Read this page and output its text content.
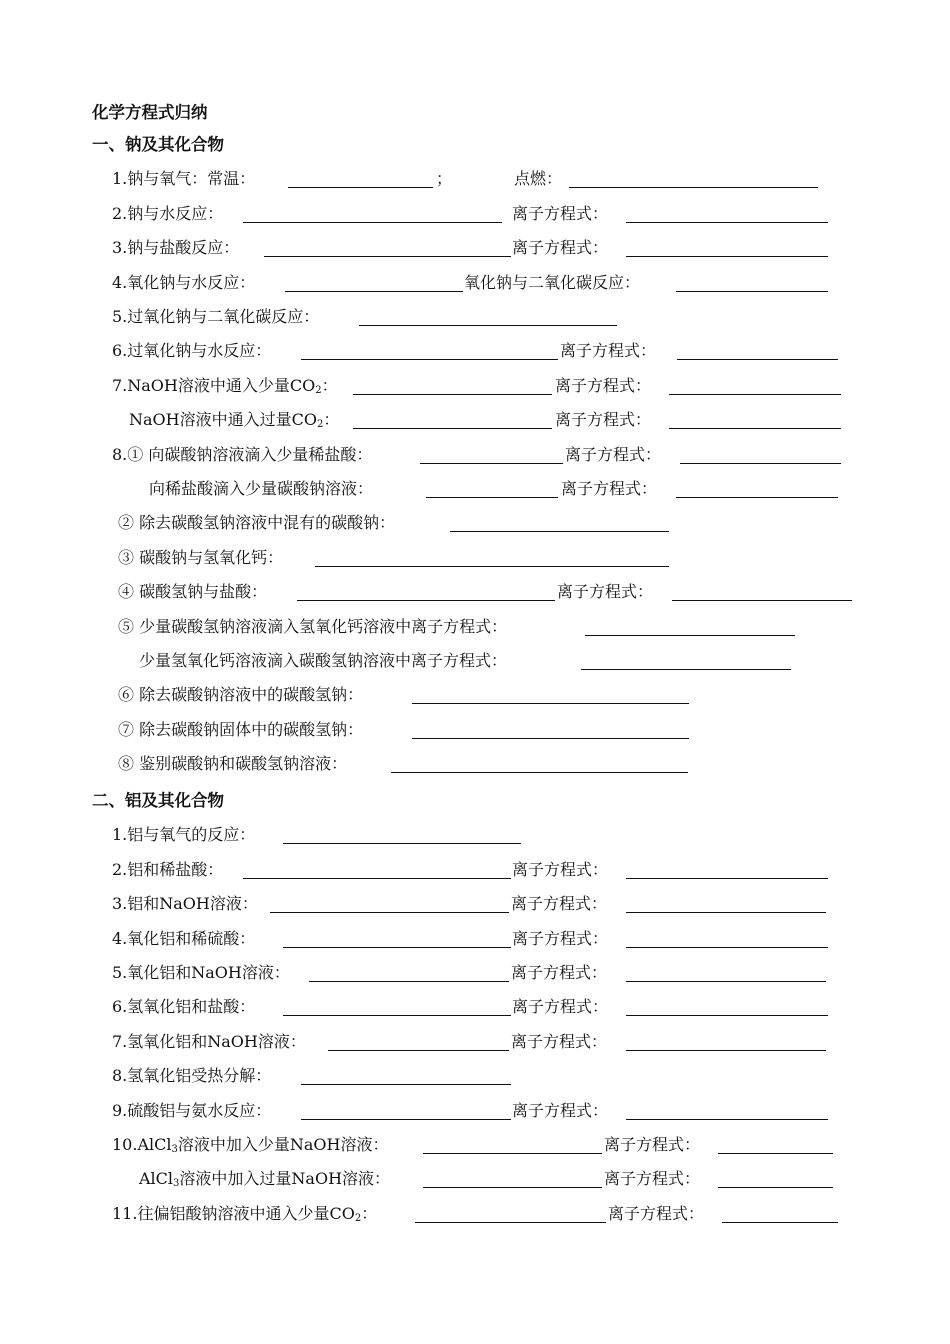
化学方程式归纳
一、钠及其化合物
1.钠与氧气：常温：	；	点燃：
2.钠与水反应：	离子方程式：
3.钠与盐酸反应：	离子方程式：
4.氧化钠与水反应：	氧化钠与二氧化碳反应：
5.过氧化钠与二氧化碳反应：
6.过氧化钠与水反应：	离子方程式：
7.NaOH溶液中通入少量$CO_2$：	离子方程式：
NaOH溶液中通入过量$CO_2$：	离子方程式：
8.① 向碳酸钠溶液滴入少量稀盐酸：	离子方程式：
向稀盐酸滴入少量碳酸钠溶液：	离子方程式：
② 除去碳酸氢钠溶液中混有的碳酸钠：
③ 碳酸钠与氢氧化钙：
④ 碳酸氢钠与盐酸：	离子方程式：
⑤ 少量碳酸氢钠溶液滴入氢氧化钙溶液中离子方程式：
少量氢氧化钙溶液滴入碳酸氢钠溶液中离子方程式：
⑥ 除去碳酸钠溶液中的碳酸氢钠：
⑦ 除去碳酸钠固体中的碳酸氢钠：
⑧ 鉴别碳酸钠和碳酸氢钠溶液：
二、铝及其化合物
1.铝与氧气的反应：
2.铝和稀盐酸：	离子方程式：
3.铝和NaOH溶液：	离子方程式：
4.氧化铝和稀硫酸：	离子方程式：
5.氧化铝和NaOH溶液：	离子方程式：
6.氢氧化铝和盐酸：	离子方程式：
7.氢氧化铝和NaOH溶液：	离子方程式：
8.氢氧化铝受热分解：
9.硫酸铝与氨水反应：	离子方程式：
10.AlCl$_3$溶液中加入少量NaOH溶液：	离子方程式：
AlCl$_3$溶液中加入过量NaOH溶液：	离子方程式：
11.往偏铝酸钠溶液中通入少量$CO_2$：	离子方程式：
